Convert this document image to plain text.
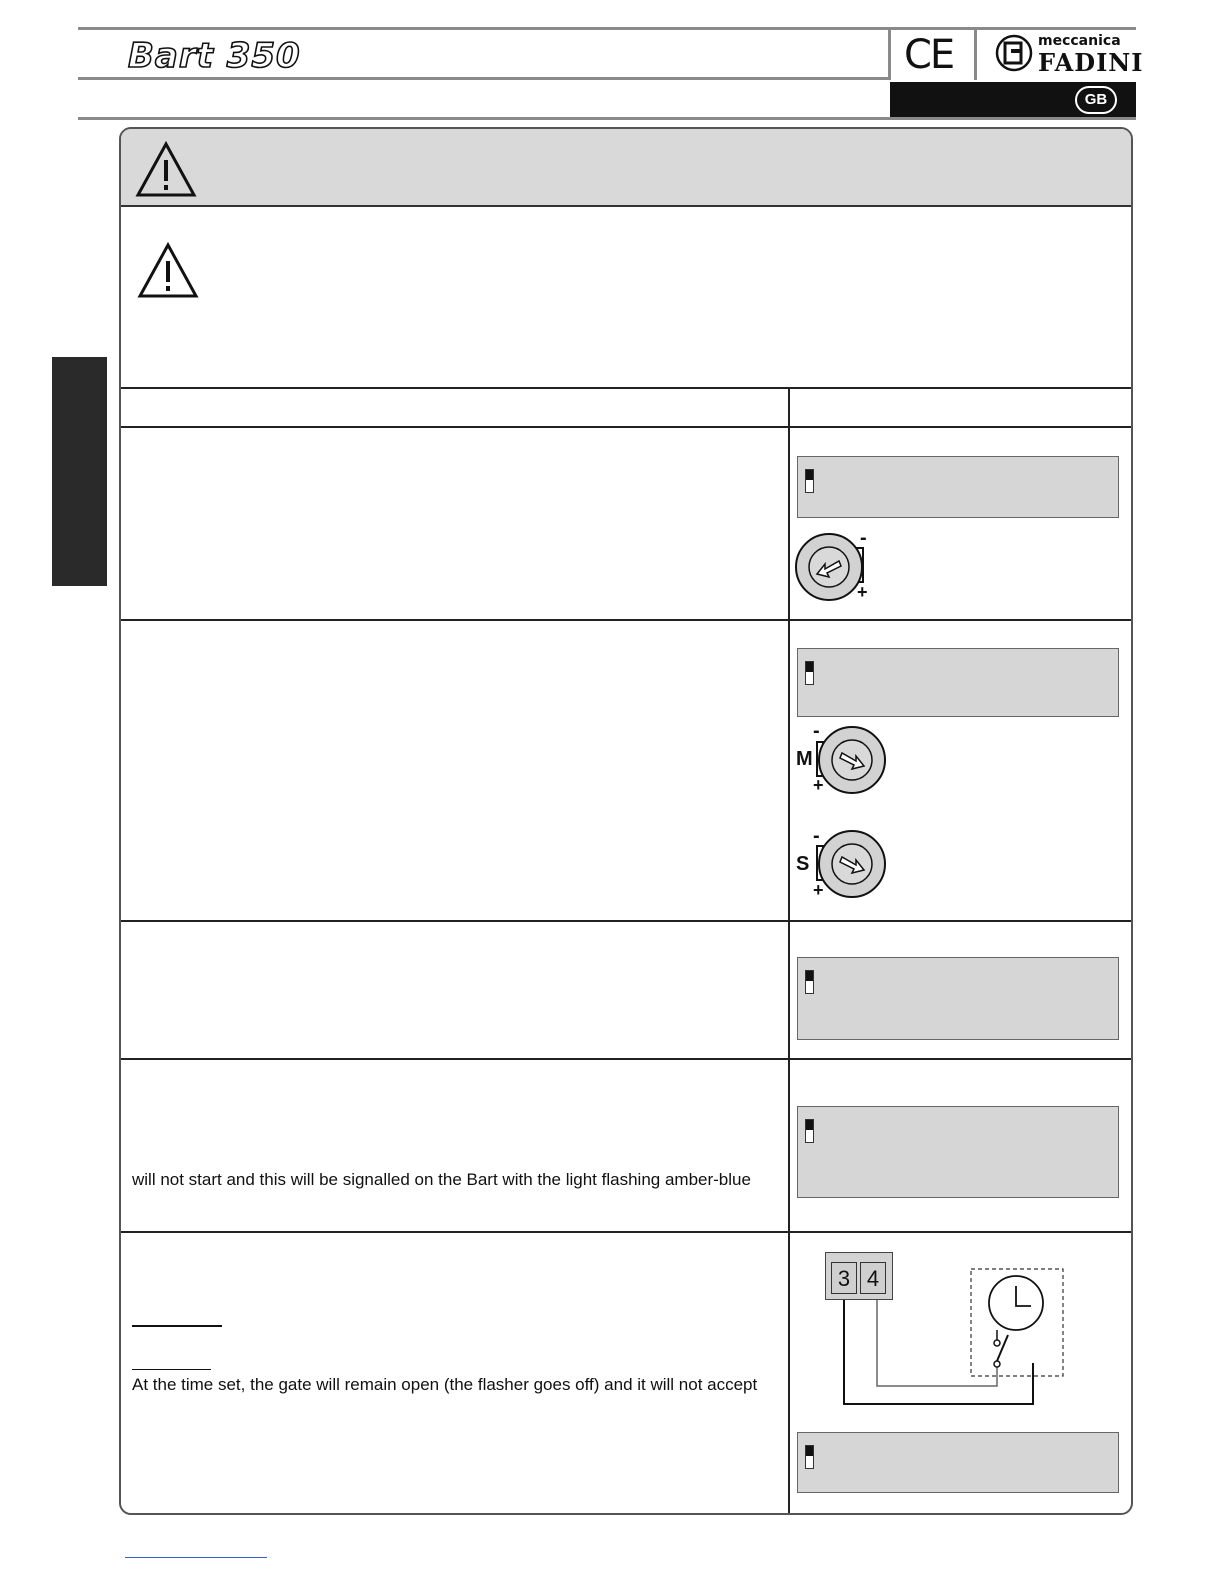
Bart 350	CE	meccanica
FADINI
GB
-
+
M
-
+
S
-
+
will not start and this will be signalled on the Bart with the light flashing amber-blue
At the time set, the gate will remain open (the flasher goes off) and it will not accept
3 4
